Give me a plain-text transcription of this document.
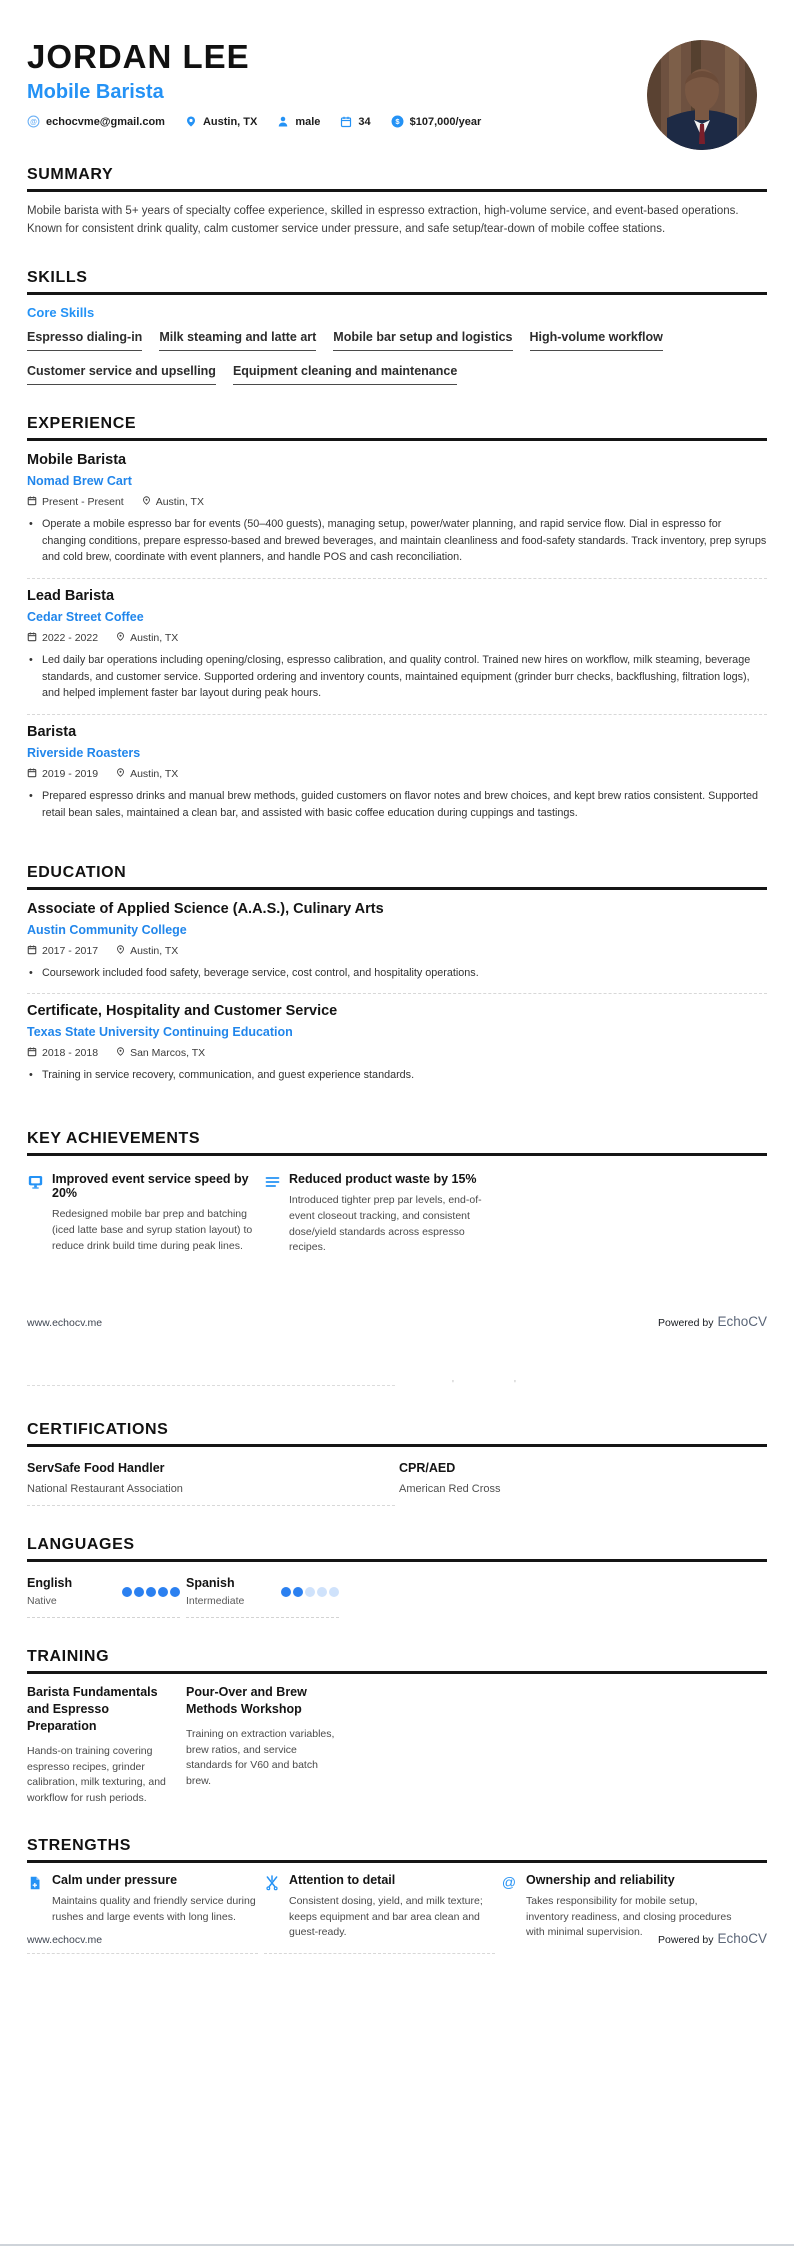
JORDAN LEE
Mobile Barista
@ echocvme@gmail.com	Austin, TX	male	34 $ $107,000/year
SUMMARY
Mobile barista with 5+ years of specialty coffee experience, skilled in espresso extraction, high-volume service, and event-based operations. Known for consistent drink quality, calm customer service under pressure, and safe setup/tear-down of mobile coffee stations.
SKILLS
Core Skills
Espresso dialing-in Milk steaming and latte art Mobile bar setup and logistics High-volume workflow
Customer service and upselling Equipment cleaning and maintenance
EXPERIENCE
Mobile Barista
Nomad Brew Cart
Present - Present	Austin, TX
• Operate a mobile espresso bar for events (50–400 guests), managing setup, power/water planning, and rapid service flow. Dial in espresso for changing conditions, prepare espresso-based and brewed beverages, and maintain cleanliness and food-safety standards. Track inventory, prep syrups and cold brew, coordinate with event planners, and handle POS and cash reconciliation.
Lead Barista
Cedar Street Coffee
2022 - 2022	Austin, TX
• Led daily bar operations including opening/closing, espresso calibration, and quality control. Trained new hires on workflow, milk steaming, beverage standards, and customer service. Supported ordering and inventory counts, maintained equipment (grinder burr checks, backflushing, filtration logs), and helped implement faster bar layout during peak hours.
Barista
Riverside Roasters
2019 - 2019	Austin, TX
• Prepared espresso drinks and manual brew methods, guided customers on flavor notes and brew choices, and kept brew ratios consistent. Supported retail bean sales, maintained a clean bar, and assisted with basic coffee education during cuppings and tastings.
EDUCATION
Associate of Applied Science (A.A.S.), Culinary Arts
Austin Community College
2017 - 2017	Austin, TX
• Coursework included food safety, beverage service, cost control, and hospitality operations.
Certificate, Hospitality and Customer Service
Texas State University Continuing Education
2018 - 2018	San Marcos, TX
• Training in service recovery, communication, and guest experience standards.
KEY ACHIEVEMENTS
Improved event service speed by 20%
Redesigned mobile bar prep and batching (iced latte base and syrup station layout) to reduce drink build time during peak lines.
Reduced product waste by 15%
Introduced tighter prep par levels, end-of-event closeout tracking, and consistent dose/yield standards across espresso recipes.
www.echocv.me	Powered by EchoCV
'	'
CERTIFICATIONS
ServSafe Food Handler
National Restaurant Association
CPR/AED
American Red Cross
LANGUAGES
English
Native
Spanish
Intermediate
TRAINING
Barista Fundamentals and Espresso Preparation
Hands-on training covering espresso recipes, grinder calibration, milk texturing, and workflow for rush periods.
Pour-Over and Brew Methods Workshop
Training on extraction variables, brew ratios, and service standards for V60 and batch brew.
STRENGTHS
Calm under pressure
Maintains quality and friendly service during rushes and large events with long lines.
Attention to detail
Consistent dosing, yield, and milk texture; keeps equipment and bar area clean and guest-ready.
@ Ownership and reliability
Takes responsibility for mobile setup, inventory readiness, and closing procedures with minimal supervision.
www.echocv.me	Powered by EchoCV
